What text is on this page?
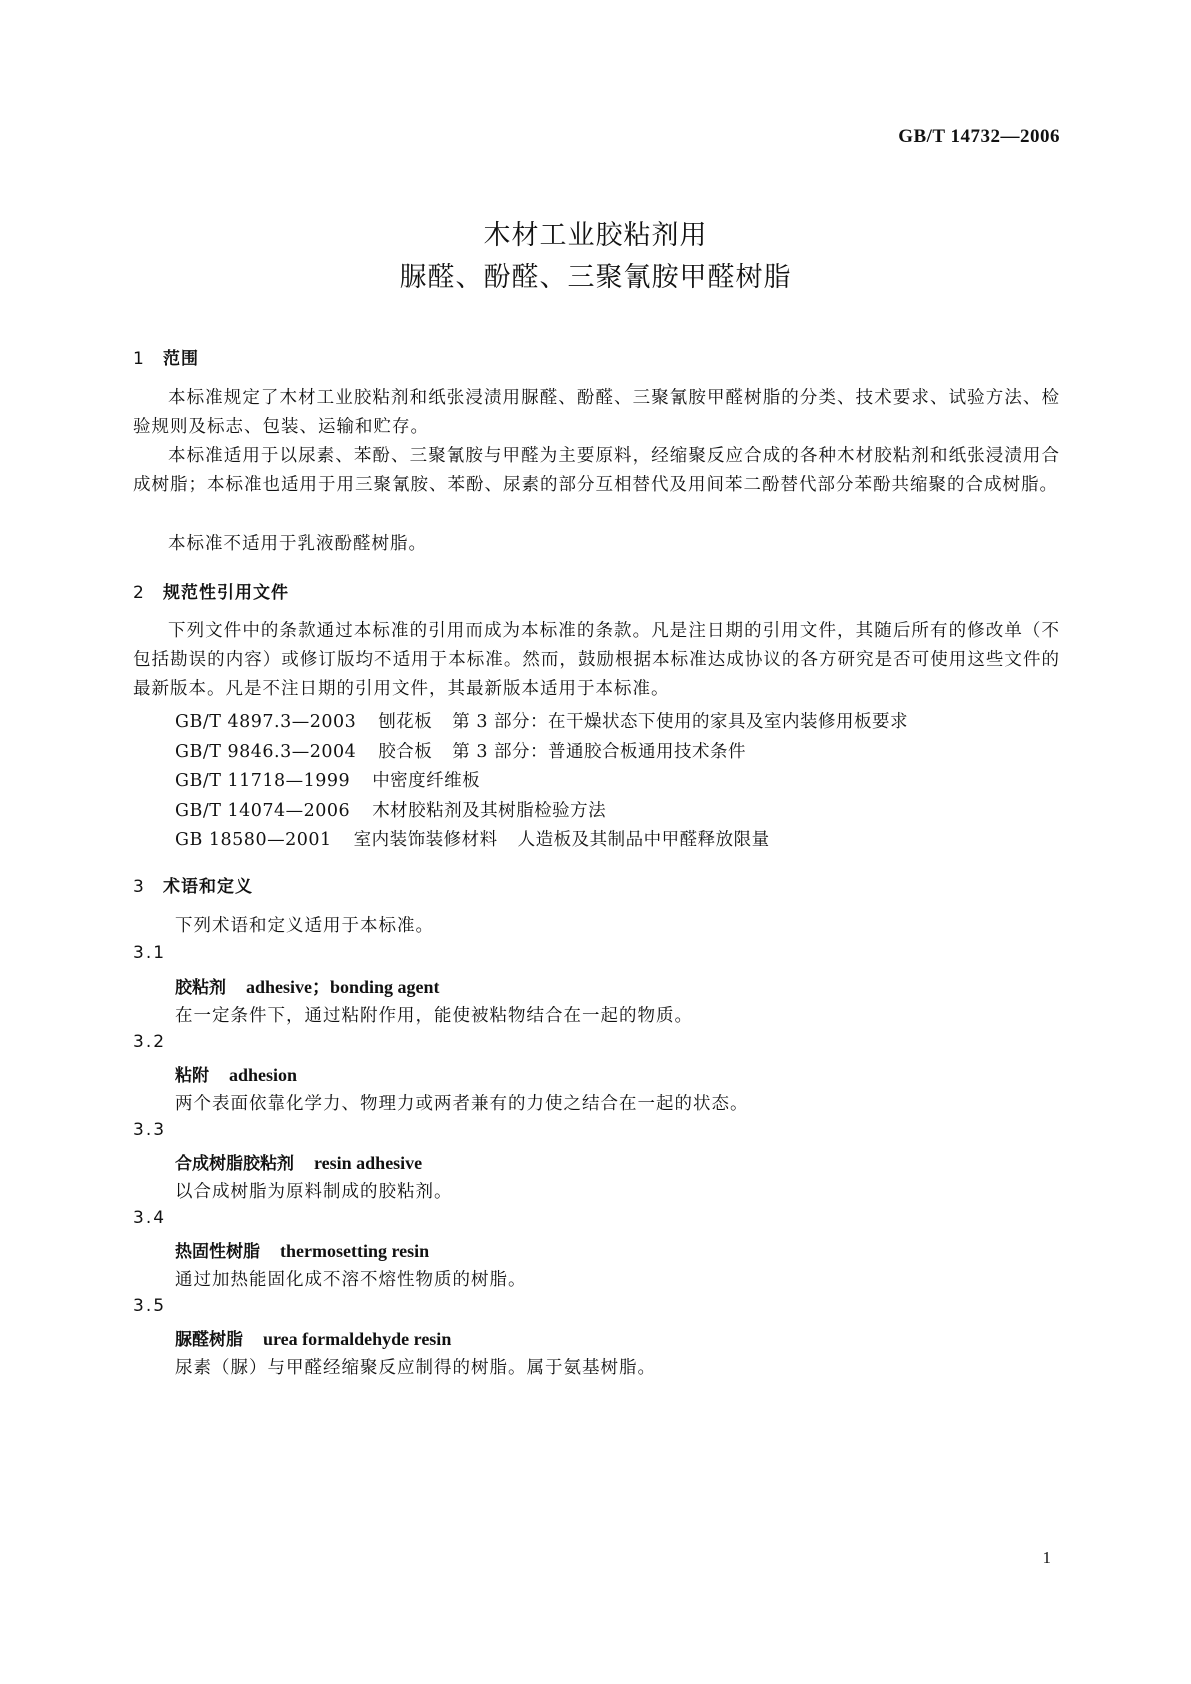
GB/T 14732—2006
木材工业胶粘剂用
脲醛、酚醛、三聚氰胺甲醛树脂
1 范围
本标准规定了木材工业胶粘剂和纸张浸渍用脲醛、酚醛、三聚氰胺甲醛树脂的分类、技术要求、试验方法、检验规则及标志、包装、运输和贮存。
本标准适用于以尿素、苯酚、三聚氰胺与甲醛为主要原料，经缩聚反应合成的各种木材胶粘剂和纸张浸渍用合成树脂；本标准也适用于用三聚氰胺、苯酚、尿素的部分互相替代及用间苯二酚替代部分苯酚共缩聚的合成树脂。
本标准不适用于乳液酚醛树脂。
2 规范性引用文件
下列文件中的条款通过本标准的引用而成为本标准的条款。凡是注日期的引用文件，其随后所有的修改单（不包括勘误的内容）或修订版均不适用于本标准。然而，鼓励根据本标准达成协议的各方研究是否可使用这些文件的最新版本。凡是不注日期的引用文件，其最新版本适用于本标准。
GB/T 4897.3—2003 刨花板 第 3 部分：在干燥状态下使用的家具及室内装修用板要求
GB/T 9846.3—2004 胶合板 第 3 部分：普通胶合板通用技术条件
GB/T 11718—1999 中密度纤维板
GB/T 14074—2006 木材胶粘剂及其树脂检验方法
GB 18580—2001 室内装饰装修材料 人造板及其制品中甲醛释放限量
3 术语和定义
下列术语和定义适用于本标准。
3.1
胶粘剂 adhesive；bonding agent
在一定条件下，通过粘附作用，能使被粘物结合在一起的物质。
3.2
粘附 adhesion
两个表面依靠化学力、物理力或两者兼有的力使之结合在一起的状态。
3.3
合成树脂胶粘剂 resin adhesive
以合成树脂为原料制成的胶粘剂。
3.4
热固性树脂 thermosetting resin
通过加热能固化成不溶不熔性物质的树脂。
3.5
脲醛树脂 urea formaldehyde resin
尿素（脲）与甲醛经缩聚反应制得的树脂。属于氨基树脂。
1
